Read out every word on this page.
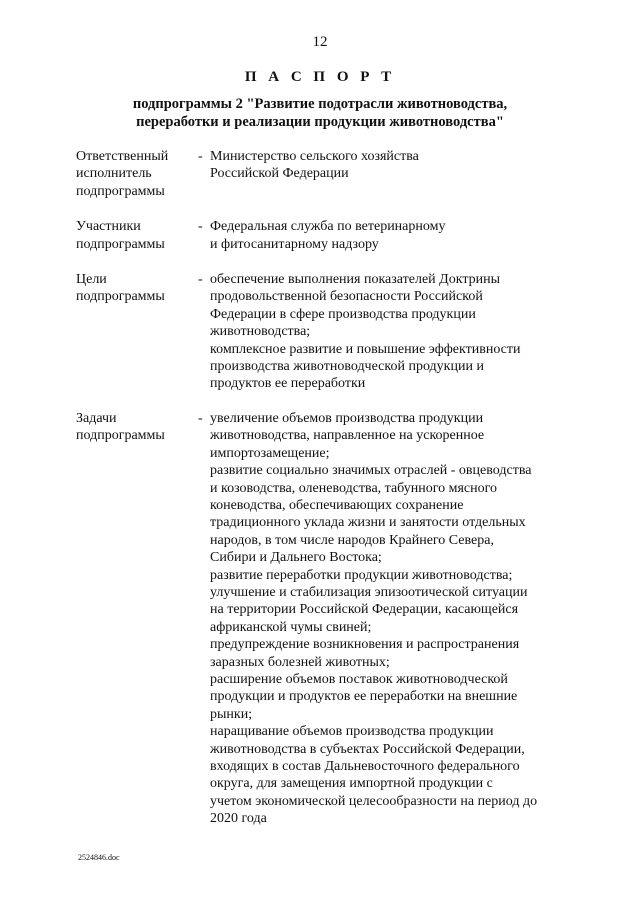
12
П А С П О Р Т
подпрограммы 2 "Развитие подотрасли животноводства,
переработки и реализации продукции животноводства"
Ответственный
исполнитель
подпрограммы
- Министерство сельского хозяйства
Российской Федерации
Участники
подпрограммы
- Федеральная служба по ветеринарному
и фитосанитарному надзору
Цели
подпрограммы
- обеспечение выполнения показателей Доктрины
продовольственной безопасности Российской
Федерации в сфере производства продукции
животноводства;
комплексное развитие и повышение эффективности
производства животноводческой продукции и
продуктов ее переработки
Задачи
подпрограммы
- увеличение объемов производства продукции
животноводства, направленное на ускоренное
импортозамещение;
развитие социально значимых отраслей - овцеводства
и козоводства, оленеводства, табунного мясного
коневодства, обеспечивающих сохранение
традиционного уклада жизни и занятости отдельных
народов, в том числе народов Крайнего Севера,
Сибири и Дальнего Востока;
развитие переработки продукции животноводства;
улучшение и стабилизация эпизоотической ситуации
на территории Российской Федерации, касающейся
африканской чумы свиней;
предупреждение возникновения и распространения
заразных болезней животных;
расширение объемов поставок животноводческой
продукции и продуктов ее переработки на внешние
рынки;
наращивание объемов производства продукции
животноводства в субъектах Российской Федерации,
входящих в состав Дальневосточного федерального
округа, для замещения импортной продукции с
учетом экономической целесообразности на период до
2020 года
2524846.doc
